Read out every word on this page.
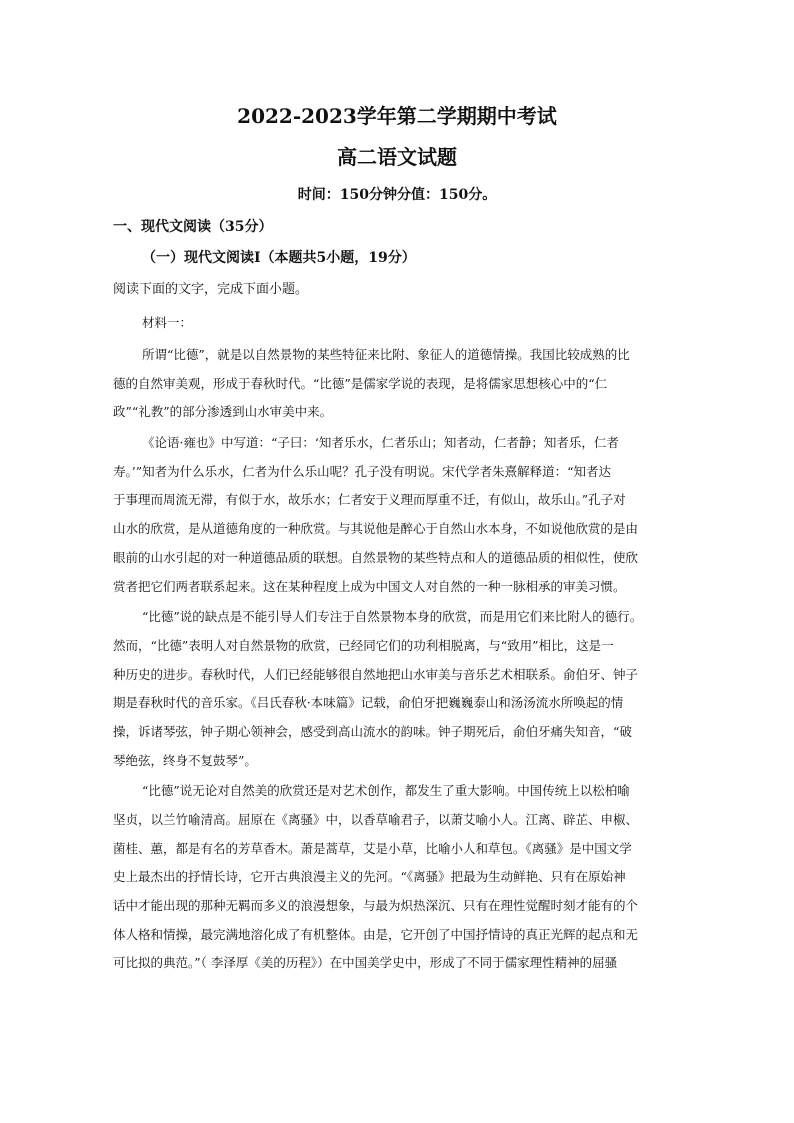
2022-2023学年第二学期期中考试
高二语文试题
时间：150分钟分值：150分。
一、现代文阅读（35分）
（一）现代文阅读Ⅰ（本题共5小题，19分）
阅读下面的文字，完成下面小题。
材料一：
所谓“比德”，就是以自然景物的某些特征来比附、象征人的道德情操。我国比较成熟的比
德的自然审美观，形成于春秋时代。“比德”是儒家学说的表现，是将儒家思想核心中的“仁
政”“礼教”的部分渗透到山水审美中来。
《论语·雍也》中写道：“子曰：‘知者乐水，仁者乐山；知者动，仁者静；知者乐，仁者
寿。’”知者为什么乐水，仁者为什么乐山呢？孔子没有明说。宋代学者朱熹解释道：“知者达
于事理而周流无滞，有似于水，故乐水；仁者安于义理而厚重不迁，有似山，故乐山。”孔子对
山水的欣赏，是从道德角度的一种欣赏。与其说他是醉心于自然山水本身，不如说他欣赏的是由
眼前的山水引起的对一种道德品质的联想。自然景物的某些特点和人的道德品质的相似性，使欣
赏者把它们两者联系起来。这在某种程度上成为中国文人对自然的一种一脉相承的审美习惯。
“比德”说的缺点是不能引导人们专注于自然景物本身的欣赏，而是用它们来比附人的德行。
然而，“比德”表明人对自然景物的欣赏，已经同它们的功利相脱离，与“致用”相比，这是一
种历史的进步。春秋时代，人们已经能够很自然地把山水审美与音乐艺术相联系。俞伯牙、钟子
期是春秋时代的音乐家。《吕氏春秋·本味篇》记载，俞伯牙把巍巍泰山和汤汤流水所唤起的情
操，诉诸琴弦，钟子期心领神会，感受到高山流水的韵味。钟子期死后，俞伯牙痛失知音，“破
琴绝弦，终身不复鼓琴”。
“比德”说无论对自然美的欣赏还是对艺术创作，都发生了重大影响。中国传统上以松柏喻
坚贞，以兰竹喻清高。屈原在《离骚》中，以香草喻君子，以萧艾喻小人。江离、辟芷、申椒、
菌桂、蕙，都是有名的芳草香木。萧是蒿草，艾是小草，比喻小人和草包。《离骚》是中国文学
史上最杰出的抒情长诗，它开古典浪漫主义的先河。“《离骚》把最为生动鲜艳、只有在原始神
话中才能出现的那种无羁而多义的浪漫想象，与最为炽热深沉、只有在理性觉醒时刻才能有的个
体人格和情操，最完满地溶化成了有机整体。由是，它开创了中国抒情诗的真正光辉的起点和无
可比拟的典范。”（ 李泽厚《美的历程》）在中国美学史中，形成了不同于儒家理性精神的屈骚
